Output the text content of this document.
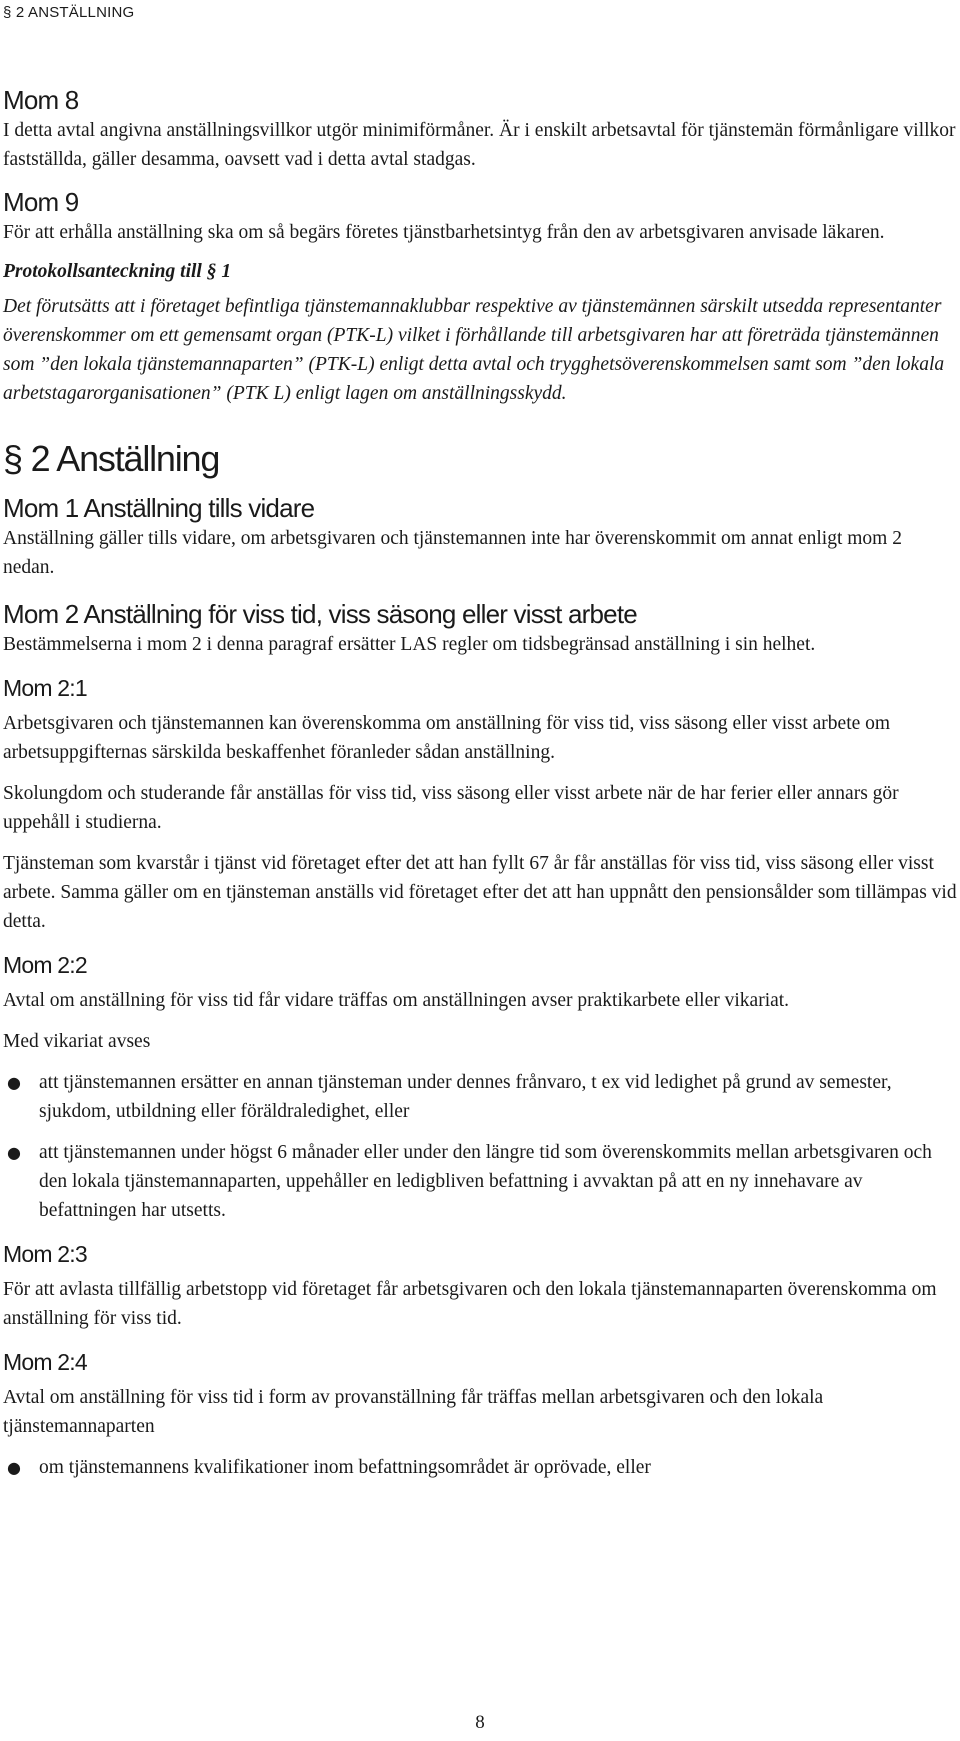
§ 2 ANSTÄLLNING
Mom 8

I detta avtal angivna anställningsvillkor utgör minimiförmåner. Är i enskilt arbetsavtal för tjänstemän förmånligare villkor fastställda, gäller desamma, oavsett vad i detta avtal stadgas.

Mom 9

För att erhålla anställning ska om så begärs företes tjänstbarhetsintyg från den av arbetsgivaren anvisade läkaren.

Protokollsanteckning till § 1

Det förutsätts att i företaget befintliga tjänstemannaklubbar respektive av tjänstemännen särskilt utsedda representanter överenskommer om ett gemensamt organ (PTK-L) vilket i förhållande till arbetsgivaren har att företräda tjänstemännen som ”den lokala tjänstemannaparten” (PTK-L) enligt detta avtal och trygghetsöverenskommelsen samt som ”den lokala arbetstagarorganisationen” (PTK L) enligt lagen om anställningsskydd.

§ 2 Anställning
Mom 1 Anställning tills vidare

Anställning gäller tills vidare, om arbetsgivaren och tjänstemannen inte har överenskommit om annat enligt mom 2 nedan.

Mom 2 Anställning för viss tid, viss säsong eller visst arbete

Bestämmelserna i mom 2 i denna paragraf ersätter LAS regler om tidsbegränsad anställning i sin helhet.

Mom 2:1

Arbetsgivaren och tjänstemannen kan överenskomma om anställning för viss tid, viss säsong eller visst arbete om arbetsuppgifternas särskilda beskaffenhet föranleder sådan anställning.

Skolungdom och studerande får anställas för viss tid, viss säsong eller visst arbete när de har ferier eller annars gör uppehåll i studierna.

Tjänsteman som kvarstår i tjänst vid företaget efter det att han fyllt 67 år får anställas för viss tid, viss säsong eller visst arbete. Samma gäller om en tjänsteman anställs vid företaget efter det att han uppnått den pensionsålder som tillämpas vid detta.

Mom 2:2

Avtal om anställning för viss tid får vidare träffas om anställningen avser praktikarbete eller vikariat.

Med vikariat avses

● att tjänstemannen ersätter en annan tjänsteman under dennes frånvaro, t ex vid ledighet på grund av semester, sjukdom, utbildning eller föräldraledighet, eller
● att tjänstemannen under högst 6 månader eller under den längre tid som överenskommits mellan arbetsgivaren och den lokala tjänstemannaparten, uppehåller en ledigbliven befattning i avvaktan på att en ny innehavare av befattningen har utsetts.
Mom 2:3

För att avlasta tillfällig arbetstopp vid företaget får arbetsgivaren och den lokala tjänstemannaparten överenskomma om anställning för viss tid.

Mom 2:4

Avtal om anställning för viss tid i form av provanställning får träffas mellan arbetsgivaren och den lokala tjänstemannaparten

● om tjänstemannens kvalifikationer inom befattningsområdet är oprövade, eller
8
